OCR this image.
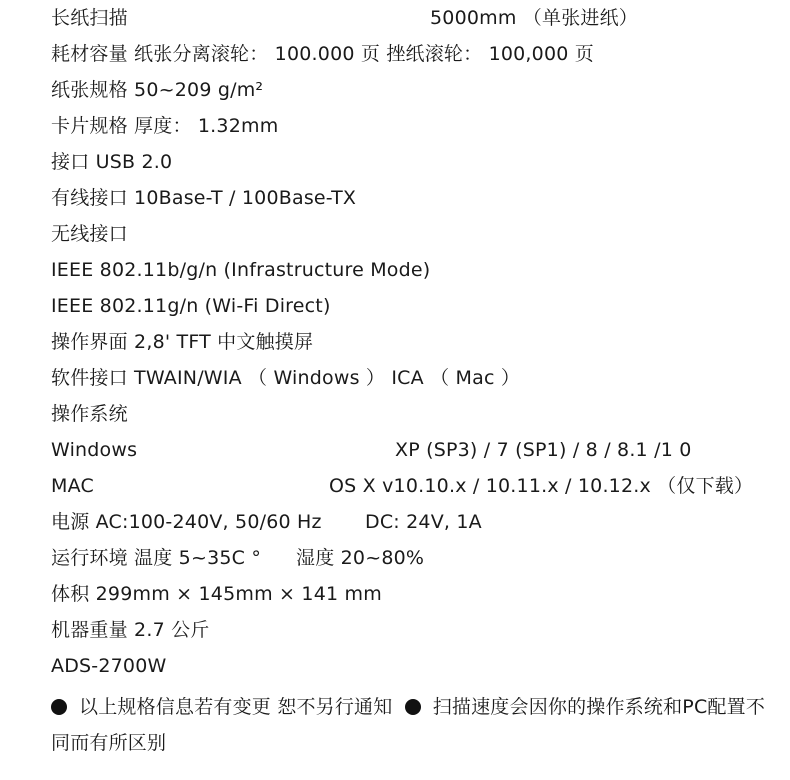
长纸扫描	5000mm （单张进纸）
耗材容量 纸张分离滚轮： 100.000 页 挫纸滚轮： 100,000 页
纸张规格 50~209 g/m²
卡片规格 厚度： 1.32mm
接口 USB 2.0
有线接口 10Base-T / 100Base-TX
无线接口
IEEE 802.11b/g/n (Infrastructure Mode)
IEEE 802.11g/n (Wi-Fi Direct)
操作界面 2,8' TFT 中文触摸屏
软件接口 TWAIN/WIA （ Windows ） ICA （ Mac ）
操作系统
Windows	XP (SP3) / 7 (SP1) / 8 / 8.1 /1 0
MAC	OS X v10.10.x / 10.11.x / 10.12.x （仅下载）
电源 AC:100-240V, 50/60 Hz DC: 24V, 1A
运行环境 温度 5~35C ° 湿度 20~80%
体积 299mm × 145mm × 141 mm
机器重量 2.7 公斤
ADS-2700W
以上规格信息若有变更 恕不另行通知 扫描速度会因你的操作系统和PC配置不同而有所区别
